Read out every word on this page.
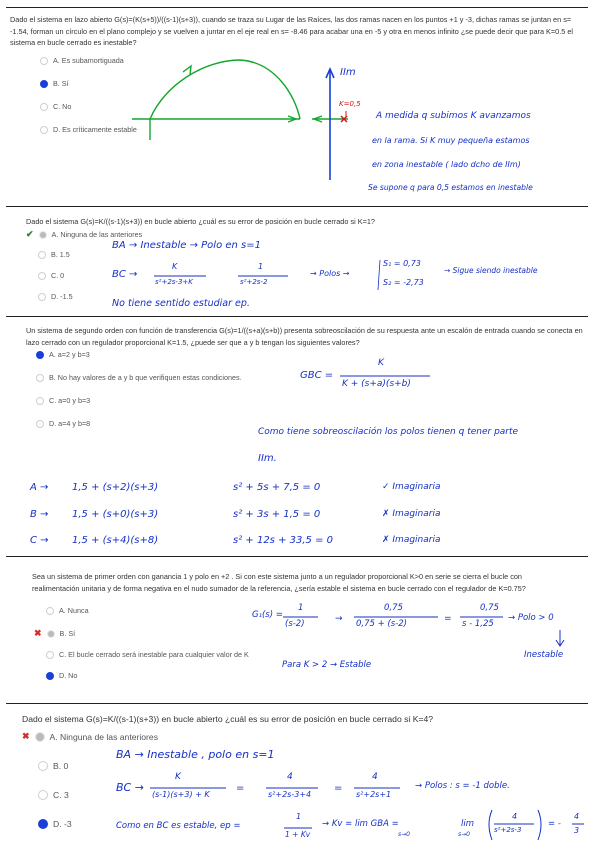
Dado el sistema en lazo abierto G(s)=(K(s+5))/((s-1)(s+3)), cuando se traza su Lugar de las Raíces, las dos ramas nacen en los puntos +1 y -3, dichas ramas se juntan en s= -1.54, forman un círculo en el plano complejo y se vuelven a juntar en el eje real en s= -8.46 para acabar una en -5 y otra en menos infinito ¿se puede decir que para K=0.5 el sistema en bucle cerrado es inestable?
A. Es subamortiguada
B. Sí
C. No
D. Es críticamente estable
IIm
K=0,5
A medida q subimos K avanzamos
en la rama. Si K muy pequeña estamos
en zona inestable ( lado dcho de IIm)
Se supone q para 0,5 estamos en inestable
Dado el sistema G(s)=K/((s-1)(s+3)) en bucle abierto ¿cuál es su error de posición en bucle cerrado si K=1?
✔	A. Ninguna de las anteriores
B. 1.5
C. 0
D. -1.5
BA → Inestable → Polo en s=1
BC →
K
s²+2s-3+K
1
s²+2s-2
→ Polos →
S₁ = 0,73
S₂ = -2,73
→ Sigue siendo inestable
No tiene sentido estudiar ep.
Un sistema de segundo orden con función de transferencia G(s)=1/((s+a)(s+b)) presenta sobreoscilación de su respuesta ante un escalón de entrada cuando se conecta en lazo cerrado con un regulador proporcional K=1.5, ¿puede ser que a y b tengan los siguientes valores?
A. a=2 y b=3
B. No hay valores de a y b que verifiquen estas condiciones.
C. a=0 y b=3
D. a=4 y b=8
GBC =
K
K + (s+a)(s+b)
Como tiene sobreoscilación los polos tienen q tener parte
IIm.
A → 1,5 + (s+2)(s+3)	s² + 5s + 7,5 = 0	✓ Imaginaria
B → 1,5 + (s+0)(s+3)	s² + 3s + 1,5 = 0	✗ Imaginaria
C → 1,5 + (s+4)(s+8)	s² + 12s + 33,5 = 0	✗ Imaginaria
Sea un sistema de primer orden con ganancia 1 y polo en +2 . Si con este sistema junto a un regulador proporcional K>0 en serie se cierra el bucle con realimentación unitaria y de forma negativa en el nudo sumador de la referencia, ¿sería estable el sistema en bucle cerrado con el regulador de K=0.75?
A. Nunca
✖	B. Sí
C. El bucle cerrado será inestable para cualquier valor de K
D. No
G₁(s) =
1
(s-2)
0,75
0,75 + (s-2)
0,75
s - 1,25
→ Polo > 0
Inestable
Para K > 2 → Estable
=
→
Dado el sistema G(s)=K/((s-1)(s+3)) en bucle abierto ¿cuál es su error de posición en bucle cerrado si K=4?
✖ A. Ninguna de las anteriores
B. 0
C. 3
D. -3
BA → Inestable , polo en s=1
BC →
K
(s-1)(s+3) + K
4
s²+2s-3+4
4
s²+2s+1
→ Polos : s = -1 doble.
Como en BC es estable, ep =
1 + Kv
→ Kv = lim GBA =
s→0
lim
s→0
4
s²+2s-3
= -
4
3
=	=
1
